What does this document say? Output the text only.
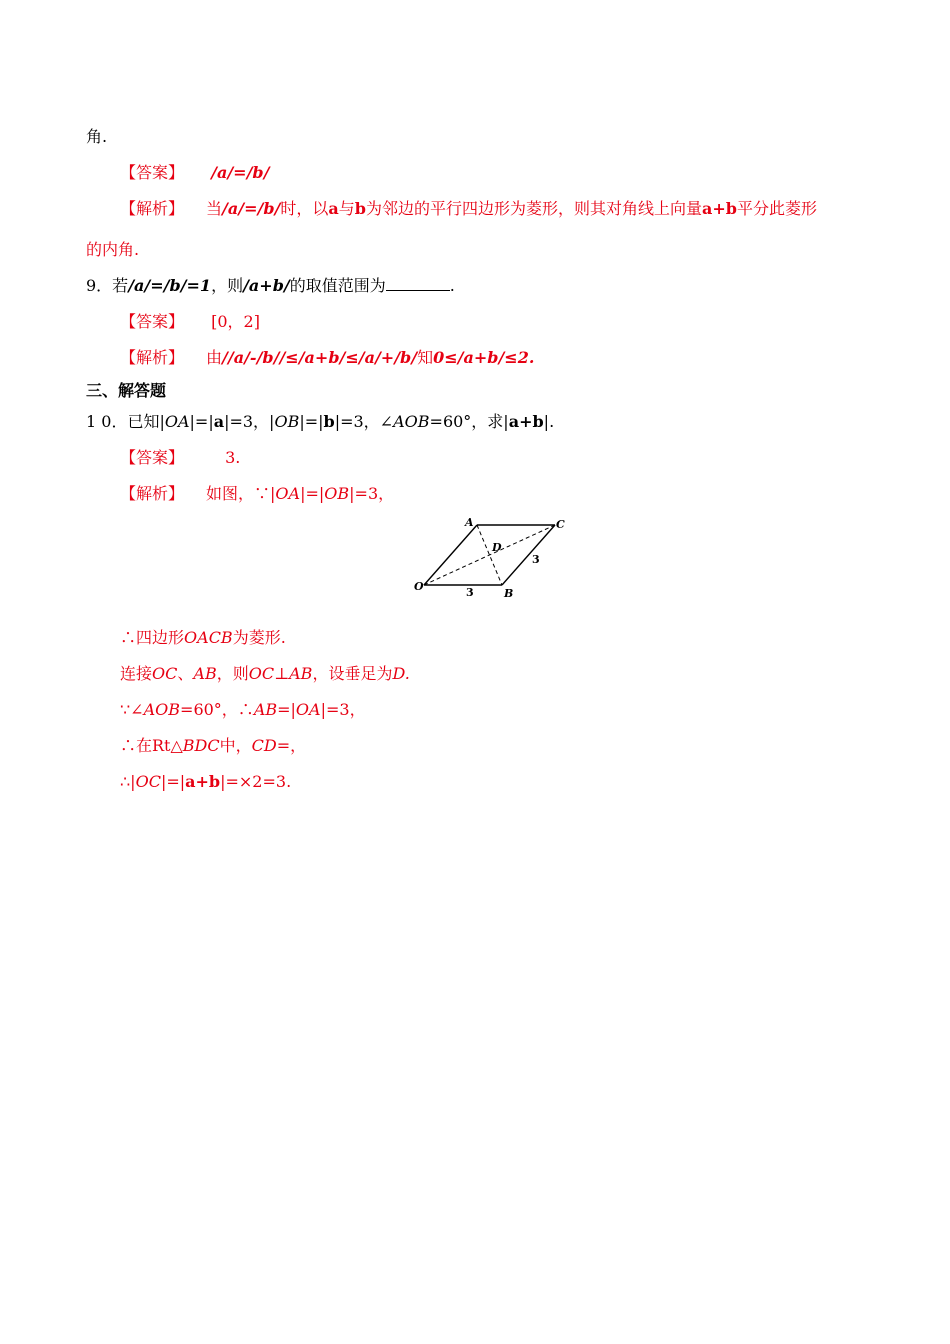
角.
【答案】 /a/=/b/
【解析】 当/a/=/b/时，以a与b为邻边的平行四边形为菱形，则其对角线上向量a+b平分此菱形
的内角.
9．若/a/=/b/=1，则/a+b/的取值范围为	.
【答案】 [0，2]
【解析】 由//a/-/b//≤/a+b/≤/a/+/b/知0≤/a+b/≤2.
三、解答题
1 0．已知|OA|=|a|=3，|OB|=|b|=3，∠AOB=60°，求|a+b|.
【答案】	3.
【解析】 如图，∵|OA|=|OB|=3，
O
A
B
C
D
3
3
∴四边形OACB为菱形.
连接OC、AB，则OC⊥AB，设垂足为D.
∵∠AOB=60°，∴AB=|OA|=3，
∴在Rt△BDC中，CD=，
∴|OC|=|a+b|=×2=3.
